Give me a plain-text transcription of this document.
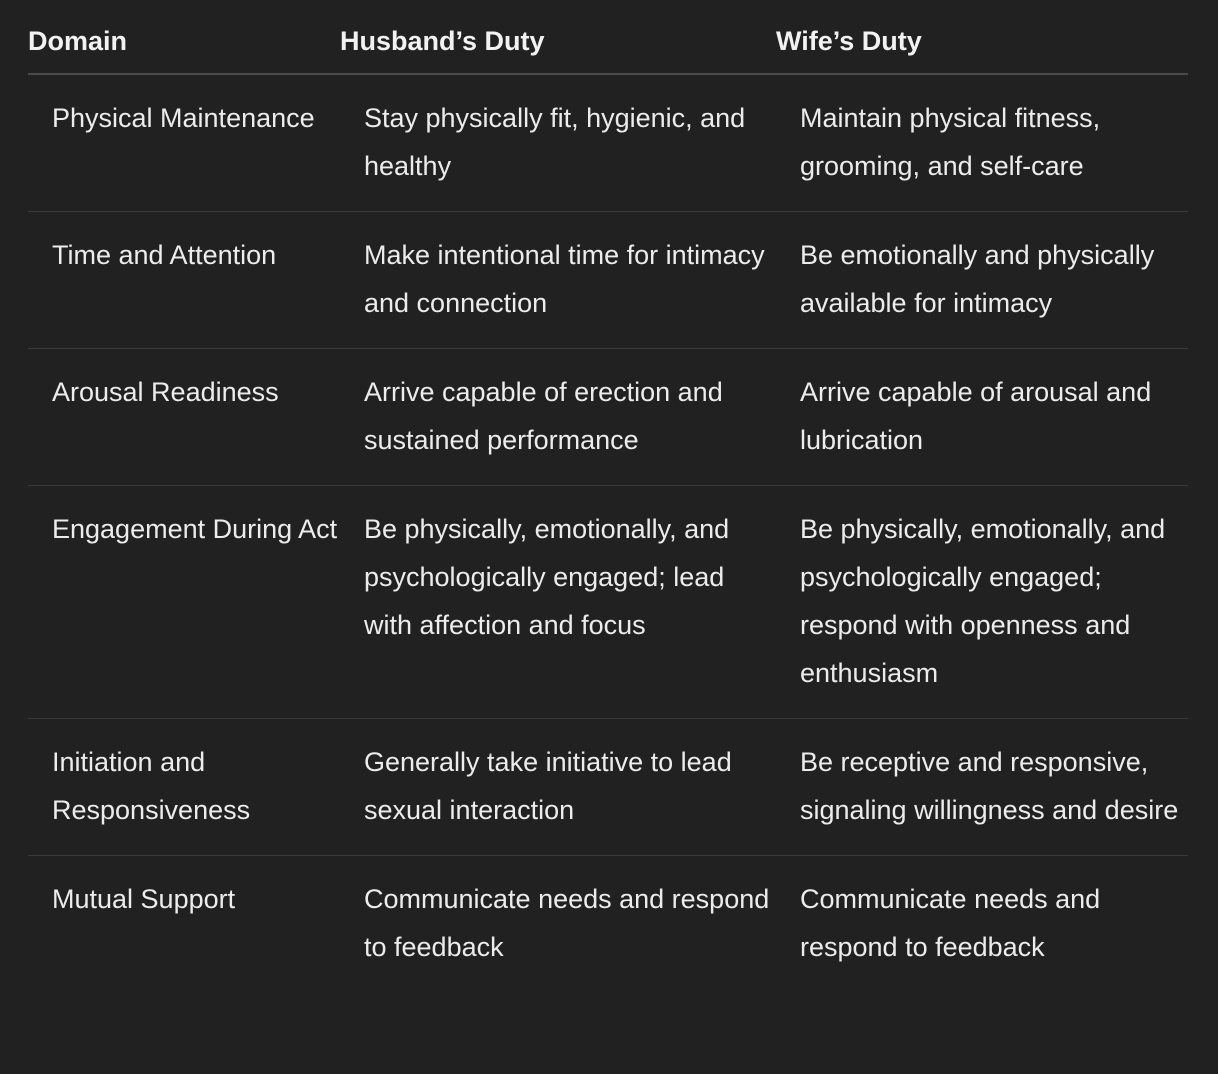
Domain	Husband’s Duty	Wife’s Duty
Physical Maintenance	Stay physically fit, hygienic, and healthy	Maintain physical fitness, grooming, and self-care
Time and Attention	Make intentional time for intimacy and connection	Be emotionally and physically available for intimacy
Arousal Readiness	Arrive capable of erection and sustained performance	Arrive capable of arousal and lubrication
Engagement During Act	Be physically, emotionally, and psychologically engaged; lead with affection and focus	Be physically, emotionally, and psychologically engaged; respond with openness and enthusiasm
Initiation and Responsiveness	Generally take initiative to lead sexual interaction	Be receptive and responsive, signaling willingness and desire
Mutual Support	Communicate needs and respond to feedback	Communicate needs and respond to feedback
